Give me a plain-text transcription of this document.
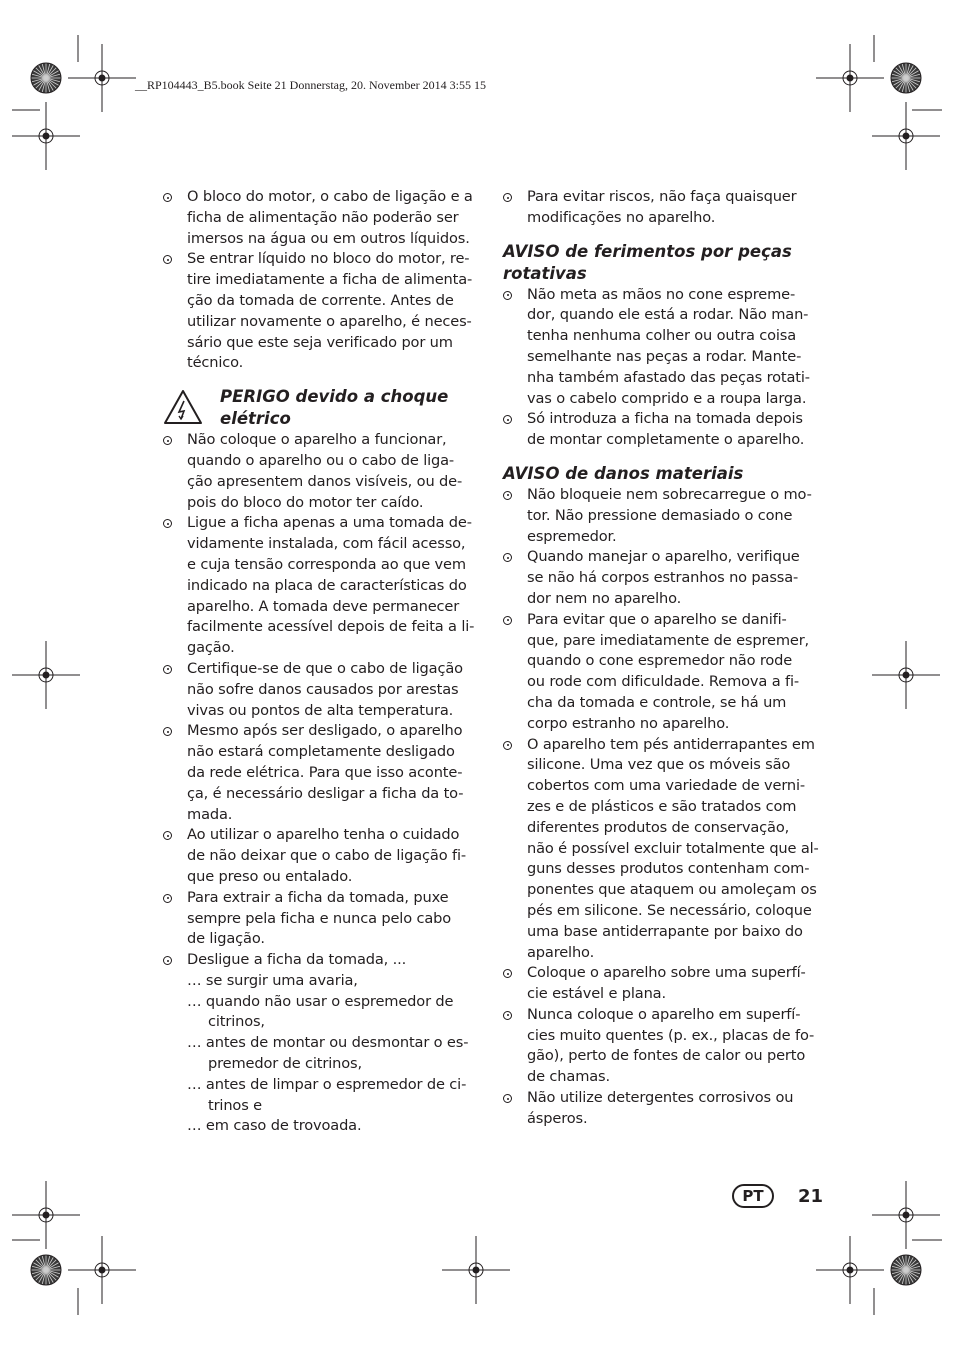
__RP104443_B5.book Seite 21 Donnerstag, 20. November 2014 3:55 15
O bloco do motor, o cabo de ligação e a
ficha de alimentação não poderão ser
imersos na água ou em outros líquidos.
Se entrar líquido no bloco do motor, re-
tire imediatamente a ficha de alimenta-
ção da tomada de corrente. Antes de
utilizar novamente o aparelho, é neces-
sário que este seja verificado por um
técnico.
PERIGO devido a choque
elétrico
Não coloque o aparelho a funcionar,
quando o aparelho ou o cabo de liga-
ção apresentem danos visíveis, ou de-
pois do bloco do motor ter caído.
Ligue a ficha apenas a uma tomada de-
vidamente instalada, com fácil acesso,
e cuja tensão corresponda ao que vem
indicado na placa de características do
aparelho. A tomada deve permanecer
facilmente acessível depois de feita a li-
gação.
Certifique-se de que o cabo de ligação
não sofre danos causados por arestas
vivas ou pontos de alta temperatura.
Mesmo após ser desligado, o aparelho
não estará completamente desligado
da rede elétrica. Para que isso aconte-
ça, é necessário desligar a ficha da to-
mada.
Ao utilizar o aparelho tenha o cuidado
de não deixar que o cabo de ligação fi-
que preso ou entalado.
Para extrair a ficha da tomada, puxe
sempre pela ficha e nunca pelo cabo
de ligação.
Desligue a ficha da tomada, ...
… se surgir uma avaria,
… quando não usar o espremedor de
citrinos,
… antes de montar ou desmontar o es-
premedor de citrinos,
… antes de limpar o espremedor de ci-
trinos e
… em caso de trovoada.
Para evitar riscos, não faça quaisquer
modificações no aparelho.
AVISO de ferimentos por peças
rotativas
Não meta as mãos no cone espreme-
dor, quando ele está a rodar. Não man-
tenha nenhuma colher ou outra coisa
semelhante nas peças a rodar. Mante-
nha também afastado das peças rotati-
vas o cabelo comprido e a roupa larga.
Só introduza a ficha na tomada depois
de montar completamente o aparelho.
AVISO de danos materiais
Não bloqueie nem sobrecarregue o mo-
tor. Não pressione demasiado o cone
espremedor.
Quando manejar o aparelho, verifique
se não há corpos estranhos no passa-
dor nem no aparelho.
Para evitar que o aparelho se danifi-
que, pare imediatamente de espremer,
quando o cone espremedor não rode
ou rode com dificuldade. Remova a fi-
cha da tomada e controle, se há um
corpo estranho no aparelho.
O aparelho tem pés antiderrapantes em
silicone. Uma vez que os móveis são
cobertos com uma variedade de verni-
zes e de plásticos e são tratados com
diferentes produtos de conservação,
não é possível excluir totalmente que al-
guns desses produtos contenham com-
ponentes que ataquem ou amoleçam os
pés em silicone. Se necessário, coloque
uma base antiderrapante por baixo do
aparelho.
Coloque o aparelho sobre uma superfí-
cie estável e plana.
Nunca coloque o aparelho em superfí-
cies muito quentes (p. ex., placas de fo-
gão), perto de fontes de calor ou perto
de chamas.
Não utilize detergentes corrosivos ou
ásperos.
PT	21
